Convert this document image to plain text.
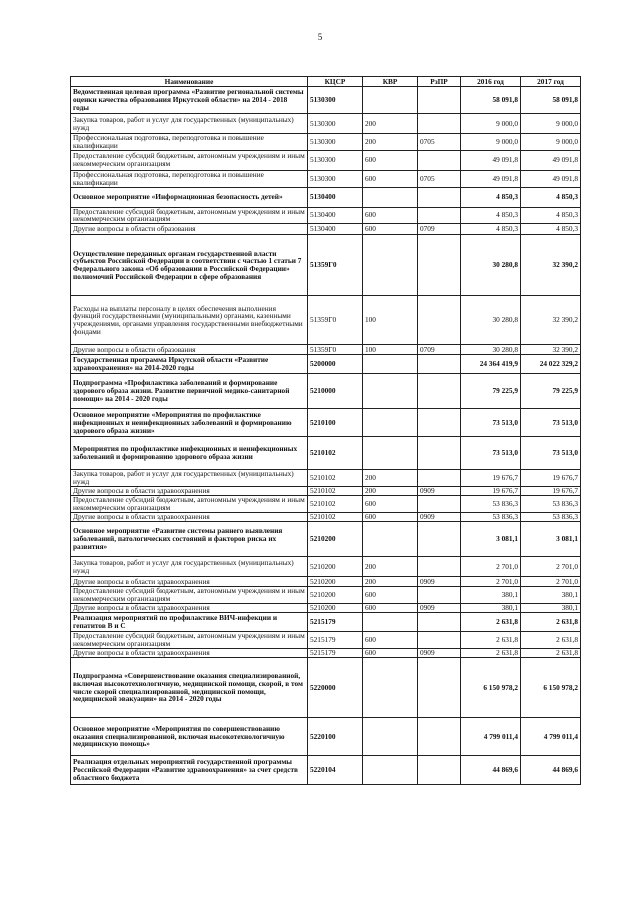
5
Наименование	КЦСР	КВР	РзПР	2016 год	2017 год
Ведомственная целевая программа «Развитие региональной системы оценки качества образования Иркутской области» на 2014 - 2018 годы	5130300			58 091,8	58 091,8
Закупка товаров, работ и услуг для государственных (муниципальных) нужд	5130300	200		9 000,0	9 000,0
Профессиональная подготовка, переподготовка и повышение квалификации	5130300	200	0705	9 000,0	9 000,0
Предоставление субсидий бюджетным, автономным учреждениям и иным некоммерческим организациям	5130300	600		49 091,8	49 091,8
Профессиональная подготовка, переподготовка и повышение квалификации	5130300	600	0705	49 091,8	49 091,8
Основное мероприятие «Информационная безопасность детей»	5130400			4 850,3	4 850,3
Предоставление субсидий бюджетным, автономным учреждениям и иным некоммерческим организациям	5130400	600		4 850,3	4 850,3
Другие вопросы в области образования	5130400	600	0709	4 850,3	4 850,3
Осуществление переданных органам государственной власти субъектов Российской Федерации в соответствии с частью 1 статьи 7 Федерального закона «Об образовании в Российской Федерации» полномочий Российской Федерации в сфере образования	51359Г0			30 280,8	32 390,2
Расходы на выплаты персоналу в целях обеспечения выполнения функций государственными (муниципальными) органами, казенными учреждениями, органами управления государственными внебюджетными фондами	51359Г0	100		30 280,8	32 390,2
Другие вопросы в области образования	51359Г0	100	0709	30 280,8	32 390,2
Государственная программа Иркутской области «Развитие здравоохранения» на 2014-2020 годы	5200000			24 364 419,9	24 022 329,2
Подпрограмма «Профилактика заболеваний и формирование здорового образа жизни. Развитие первичной медико-санитарной помощи» на 2014 - 2020 годы	5210000			79 225,9	79 225,9
Основное мероприятие «Мероприятия по профилактике инфекционных и неинфекционных заболеваний и формированию здорового образа жизни»	5210100			73 513,0	73 513,0
Мероприятия по профилактике инфекционных и неинфекционных заболеваний и формированию здорового образа жизни	5210102			73 513,0	73 513,0
Закупка товаров, работ и услуг для государственных (муниципальных) нужд	5210102	200		19 676,7	19 676,7
Другие вопросы в области здравоохранения	5210102	200	0909	19 676,7	19 676,7
Предоставление субсидий бюджетным, автономным учреждениям и иным некоммерческим организациям	5210102	600		53 836,3	53 836,3
Другие вопросы в области здравоохранения	5210102	600	0909	53 836,3	53 836,3
Основное мероприятие «Развитие системы раннего выявления заболеваний, патологических состояний и факторов риска их развития»	5210200			3 081,1	3 081,1
Закупка товаров, работ и услуг для государственных (муниципальных) нужд	5210200	200		2 701,0	2 701,0
Другие вопросы в области здравоохранения	5210200	200	0909	2 701,0	2 701,0
Предоставление субсидий бюджетным, автономным учреждениям и иным некоммерческим организациям	5210200	600		380,1	380,1
Другие вопросы в области здравоохранения	5210200	600	0909	380,1	380,1
Реализация мероприятий по профилактике ВИЧ-инфекции и гепатитов В и С	5215179			2 631,8	2 631,8
Предоставление субсидий бюджетным, автономным учреждениям и иным некоммерческим организациям	5215179	600		2 631,8	2 631,8
Другие вопросы в области здравоохранения	5215179	600	0909	2 631,8	2 631,8
Подпрограмма «Совершенствование оказания специализированной, включая высокотехнологичную, медицинской помощи, скорой, в том числе скорой специализированной, медицинской помощи, медицинской эвакуации» на 2014 - 2020 годы	5220000			6 150 978,2	6 150 978,2
Основное мероприятие «Мероприятия по совершенствованию оказания специализированной, включая высокотехнологичную медицинскую помощь»	5220100			4 799 011,4	4 799 011,4
Реализация отдельных мероприятий государственной программы Российской Федерации «Развитие здравоохранения» за счет средств областного бюджета	5220104			44 869,6	44 869,6
